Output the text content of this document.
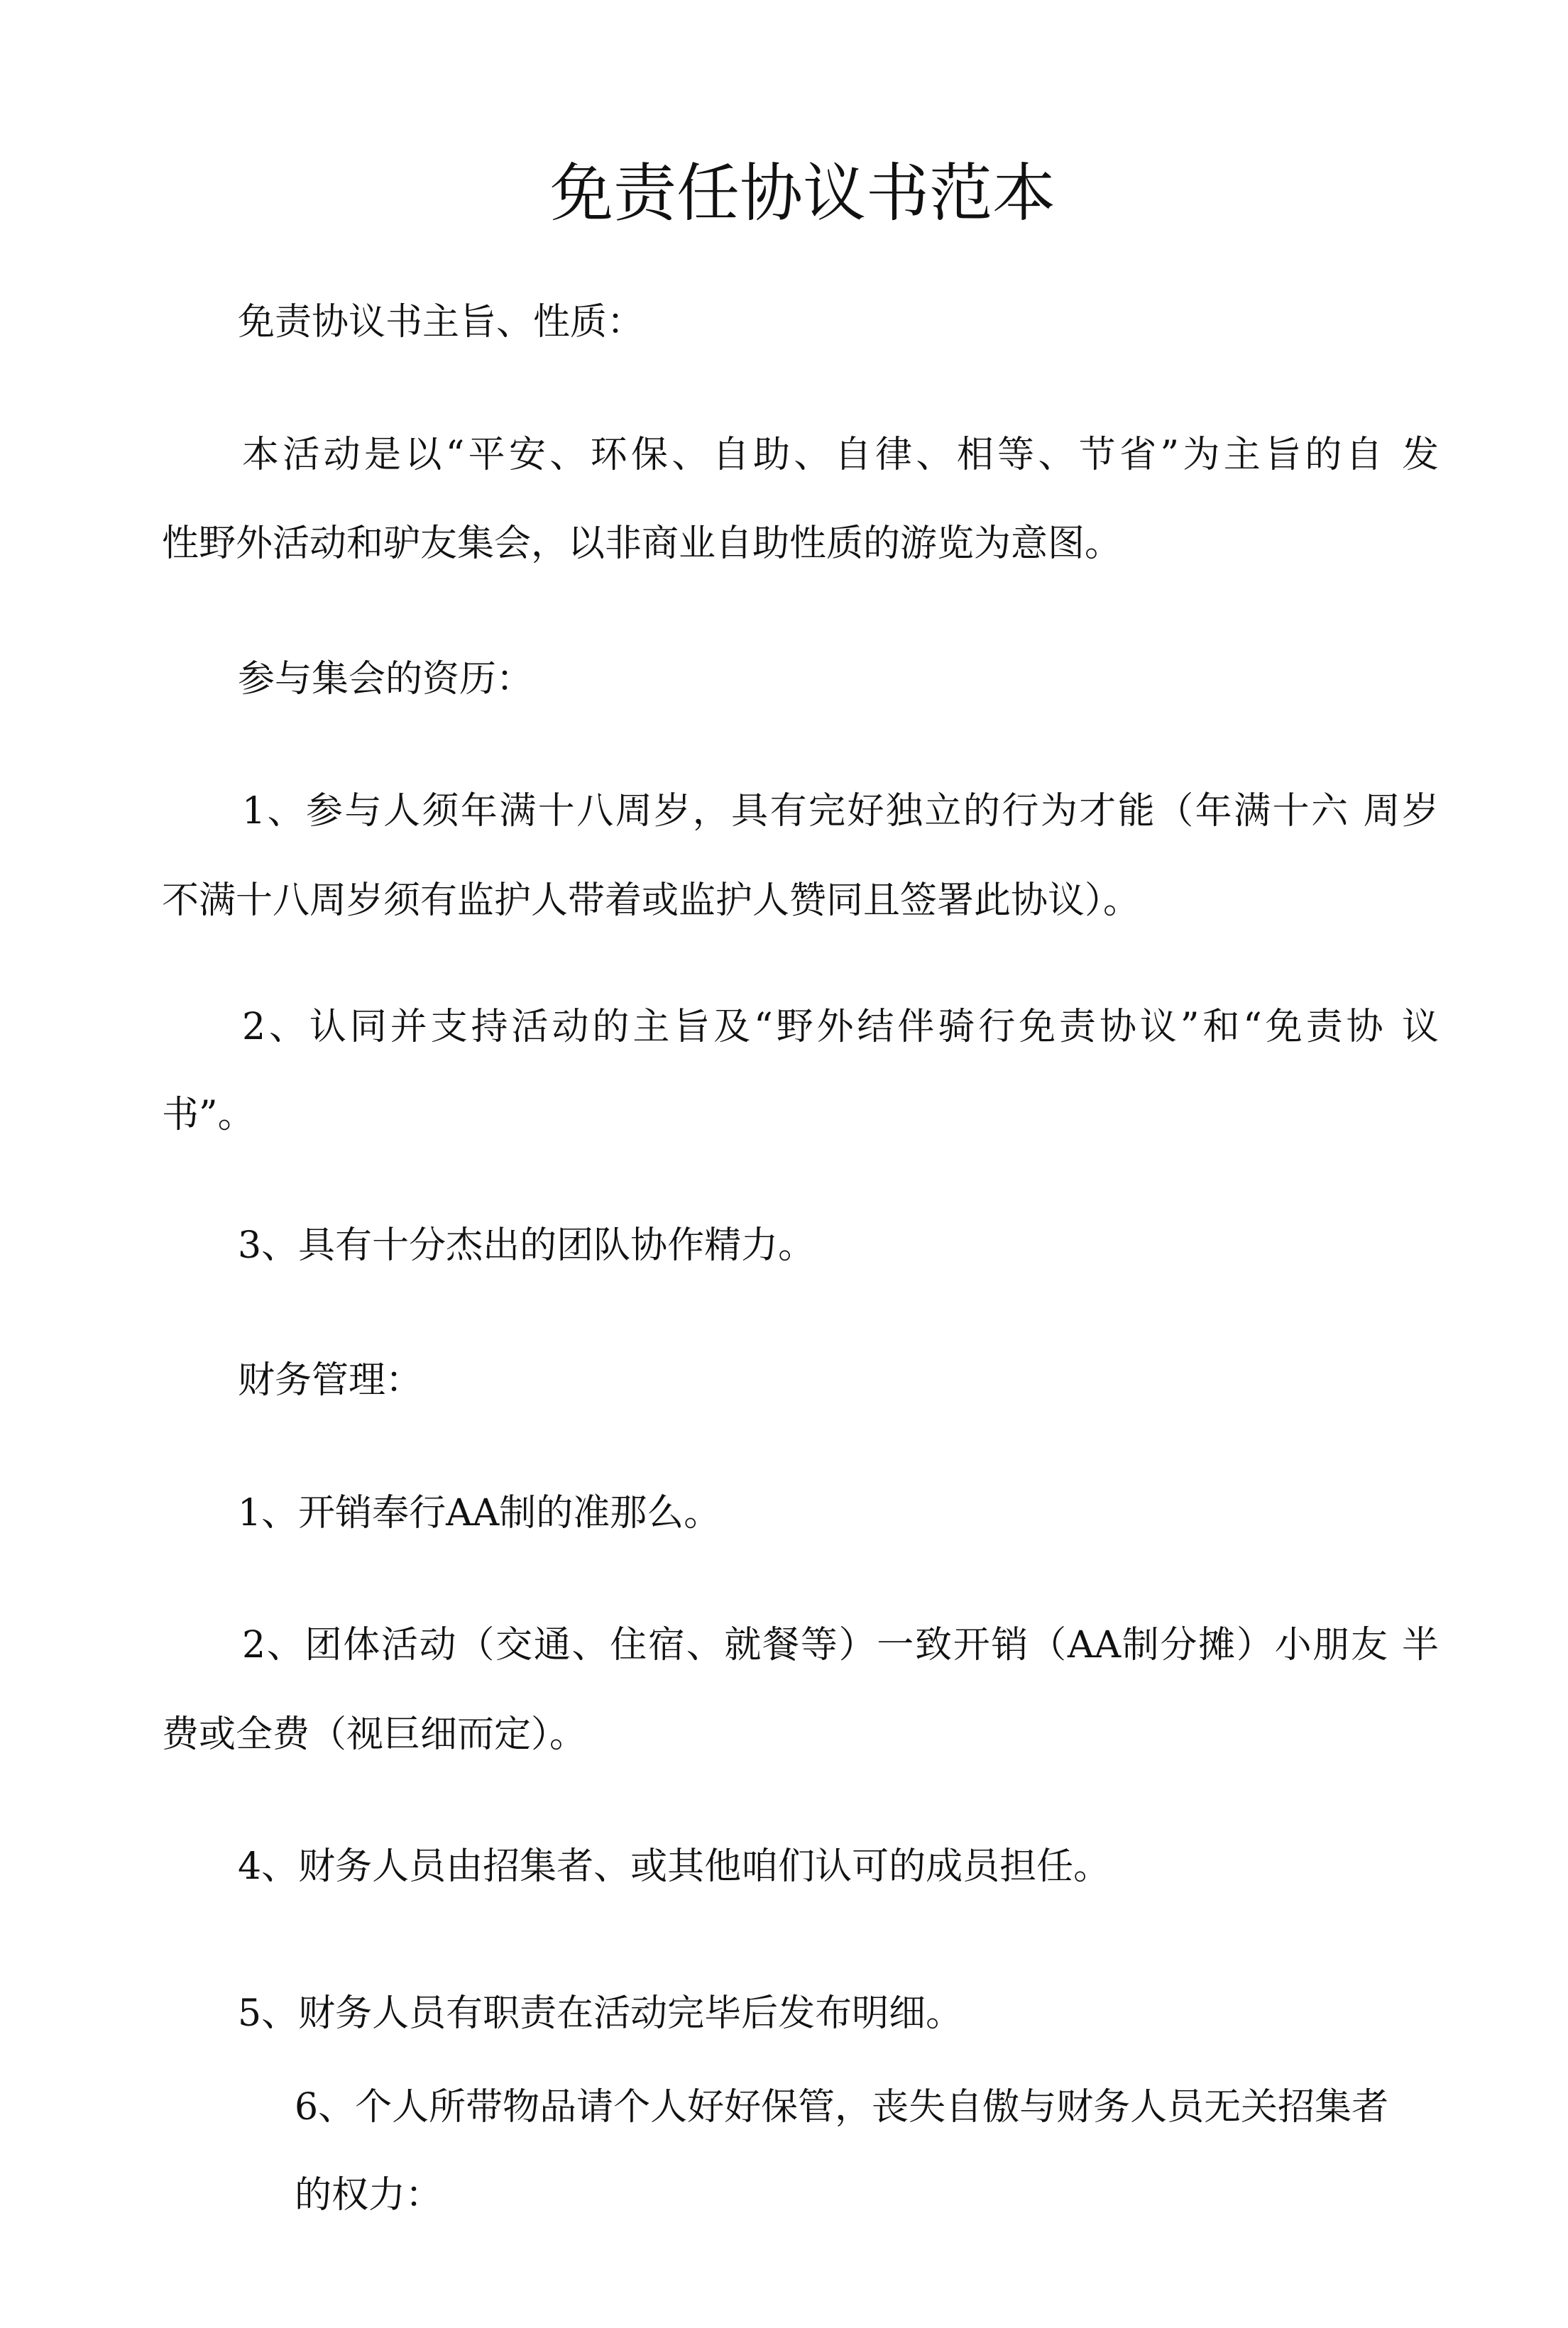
免责任协议书范本
免责协议书主旨、性质：
本活动是以“平安、环保、自助、自律、相等、节省”为主旨的自 发
性野外活动和驴友集会，以非商业自助性质的游览为意图。
参与集会的资历：
1、参与人须年满十八周岁，具有完好独立的行为才能（年满十六 周岁
不满十八周岁须有监护人带着或监护人赞同且签署此协议）。
2、认同并支持活动的主旨及“野外结伴骑行免责协议”和“免责协 议
书”。
3、具有十分杰出的团队协作精力。
财务管理：
1、开销奉行AA制的准那么。
2、团体活动（交通、住宿、就餐等）一致开销（AA制分摊）小朋友 半
费或全费（视巨细而定）。
4、财务人员由招集者、或其他咱们认可的成员担任。
5、财务人员有职责在活动完毕后发布明细。
6、个人所带物品请个人好好保管，丧失自傲与财务人员无关招集者
的权力：
